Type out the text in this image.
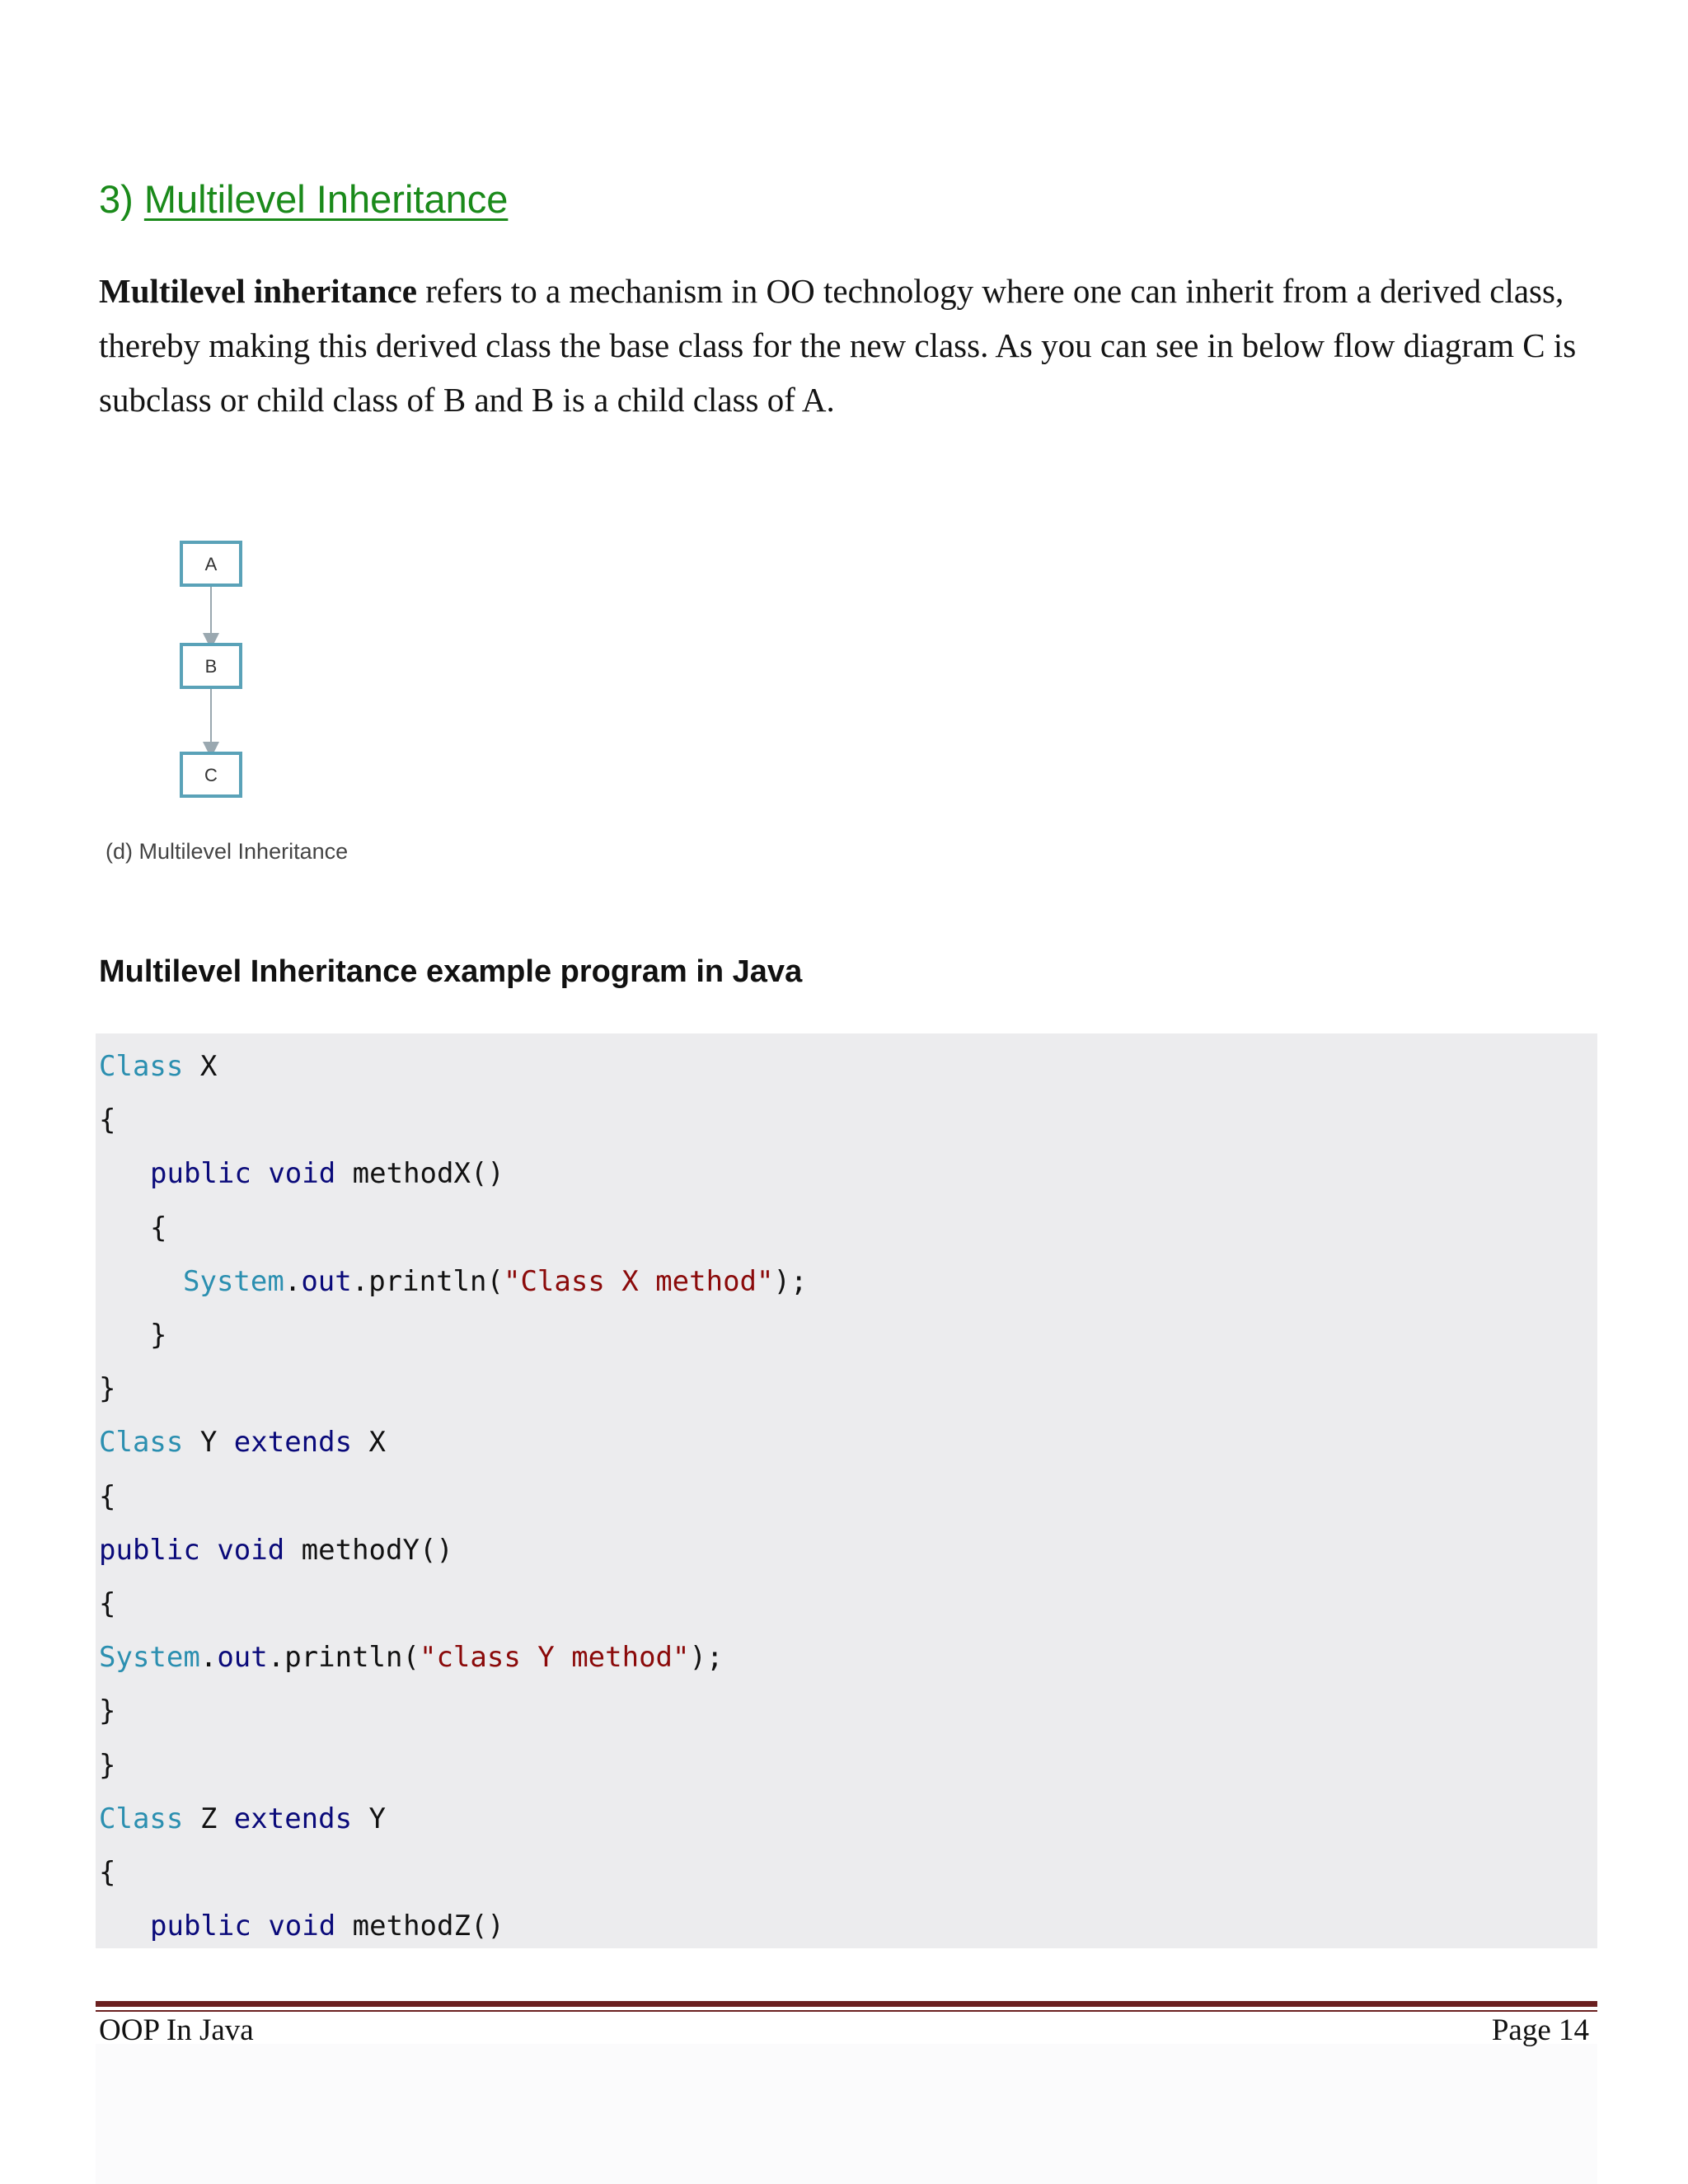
3) Multilevel Inheritance
Multilevel inheritance refers to a mechanism in OO technology where one can inherit from a derived class, thereby making this derived class the base class for the new class. As you can see in below flow diagram C is subclass or child class of B and B is a child class of A.
A
B
C
(d) Multilevel Inheritance
Multilevel Inheritance example program in Java
Class X
{
public void methodX()
{
System.out.println("Class X method");
}
}
Class Y extends X
{
public void methodY()
{
System.out.println("class Y method");
}
}
Class Z extends Y
{
public void methodZ()
OOP In Java	Page 14
